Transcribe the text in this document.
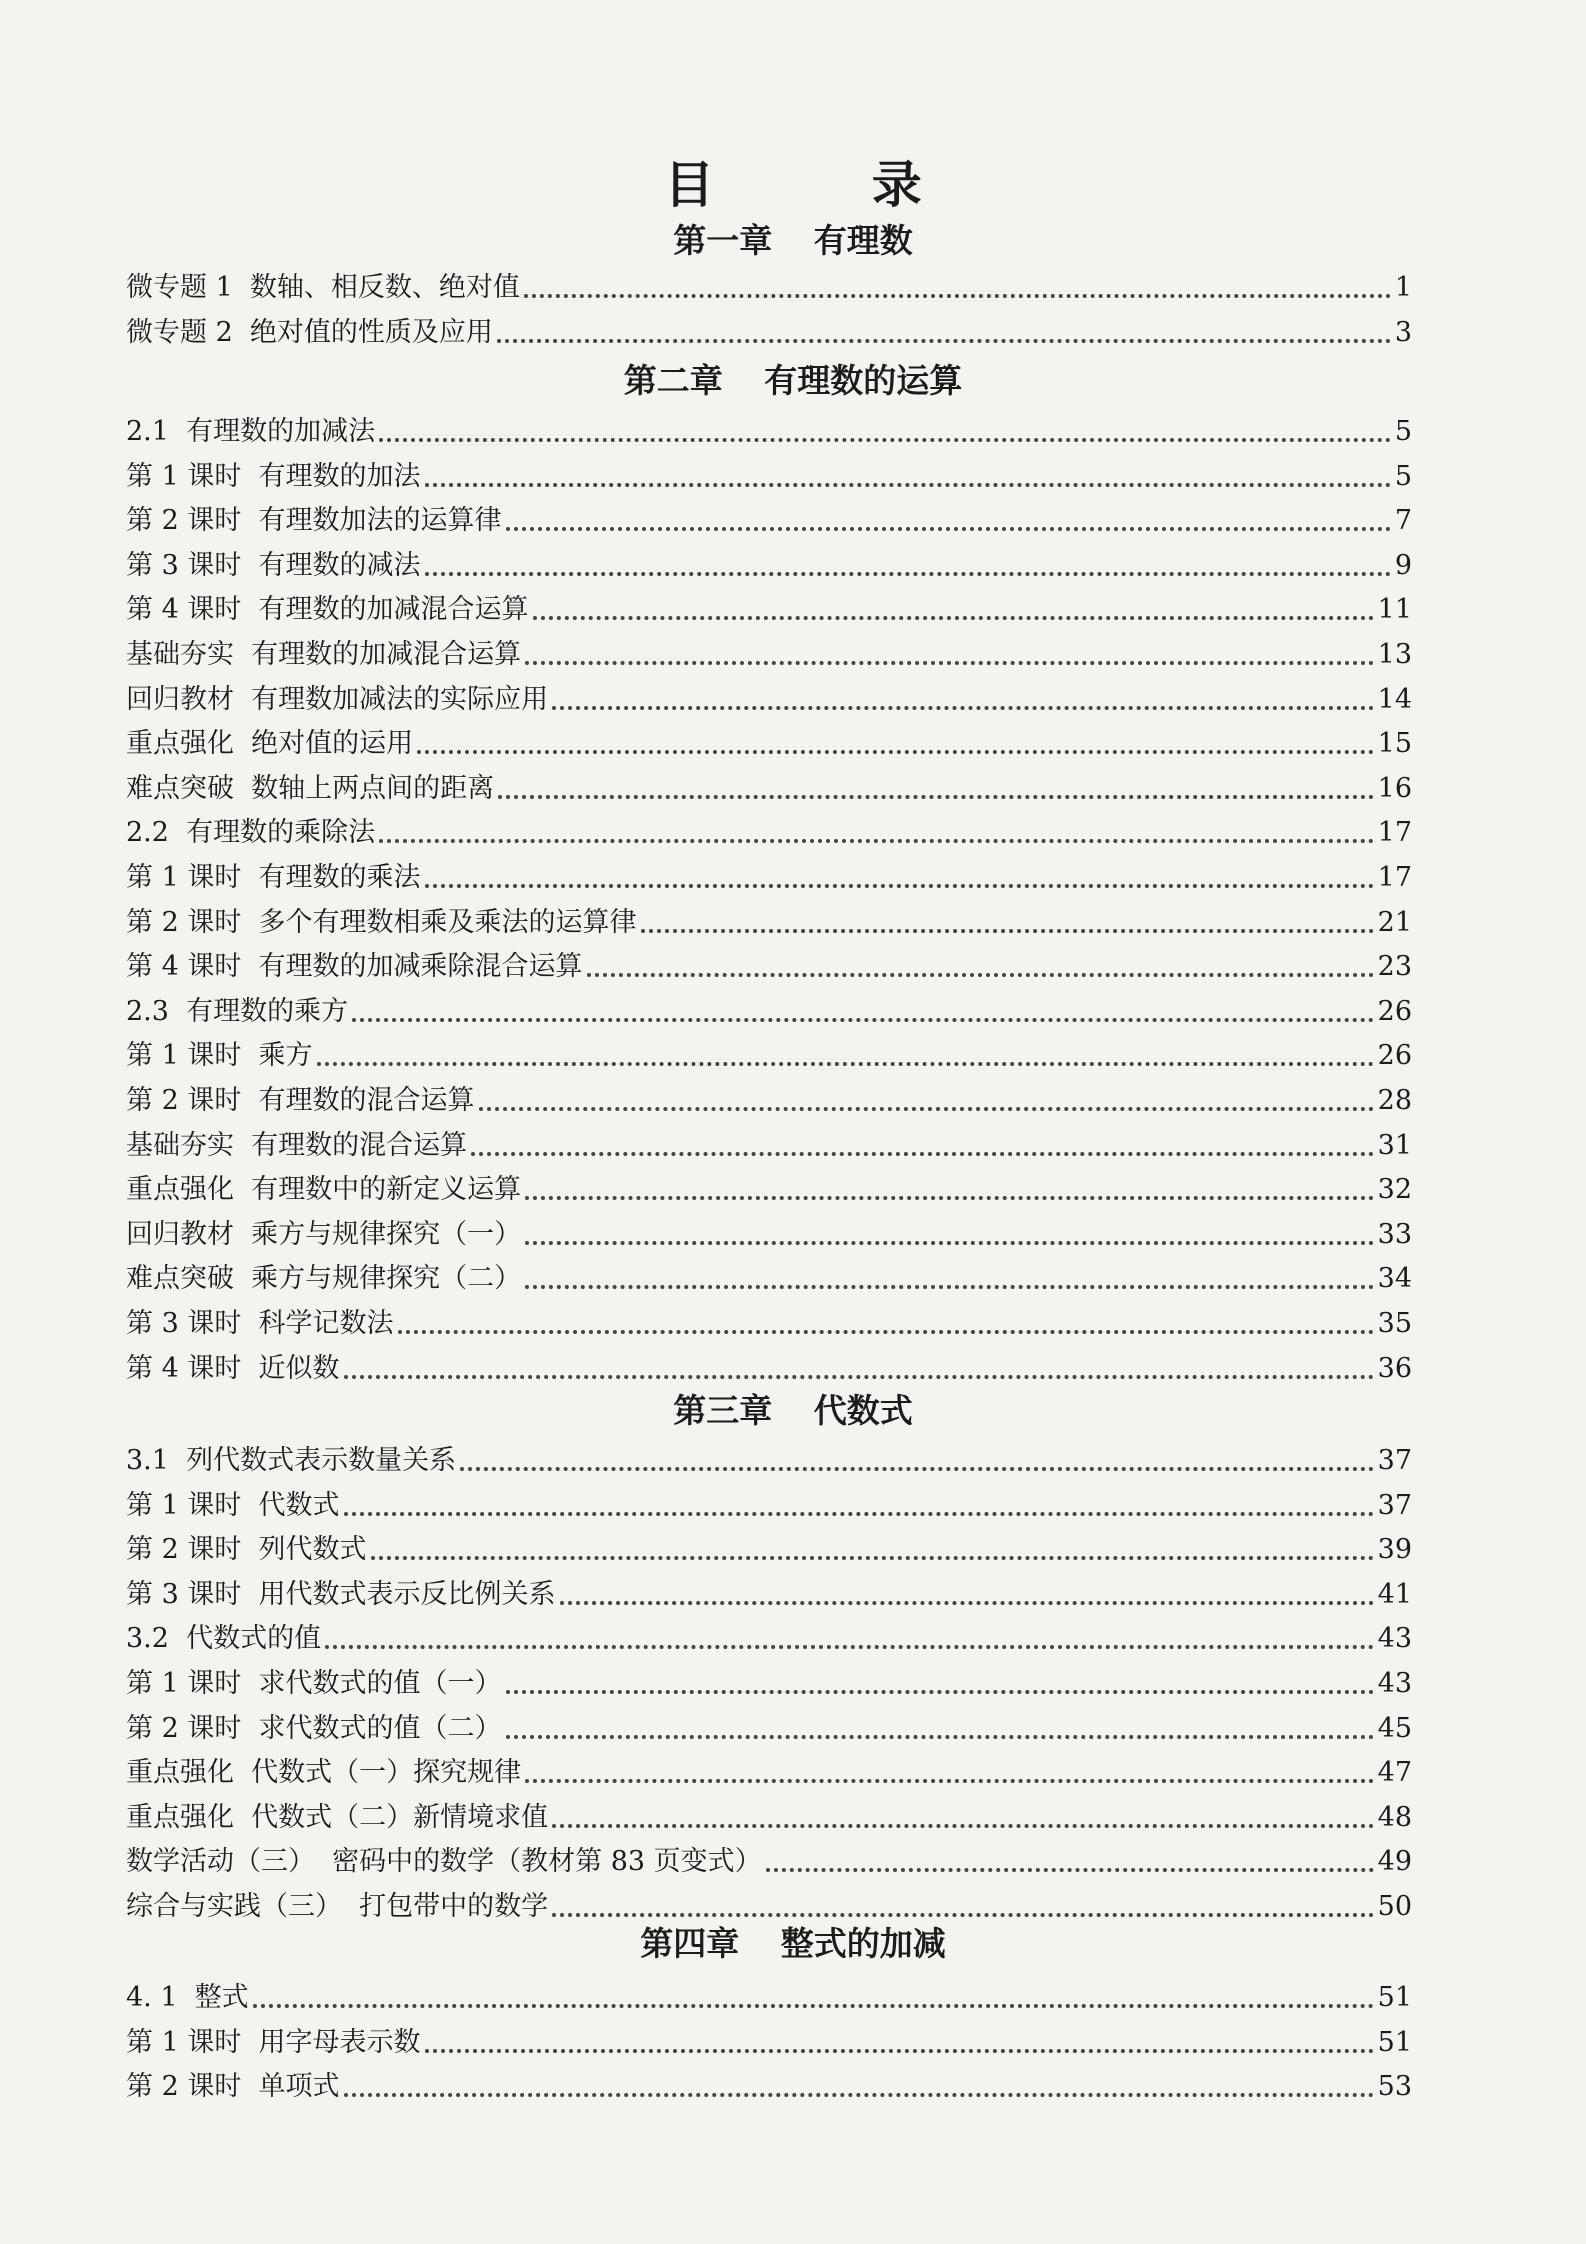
目 录
第一章 有理数
微专题 1  数轴、相反数、绝对值	1
微专题 2  绝对值的性质及应用	3
第二章 有理数的运算
2.1  有理数的加减法	5
第 1 课时  有理数的加法	5
第 2 课时  有理数加法的运算律	7
第 3 课时  有理数的减法	9
第 4 课时  有理数的加减混合运算	11
基础夯实  有理数的加减混合运算	13
回归教材  有理数加减法的实际应用	14
重点强化  绝对值的运用	15
难点突破  数轴上两点间的距离	16
2.2  有理数的乘除法	17
第 1 课时  有理数的乘法	17
第 2 课时  多个有理数相乘及乘法的运算律	21
第 4 课时  有理数的加减乘除混合运算	23
2.3  有理数的乘方	26
第 1 课时  乘方	26
第 2 课时  有理数的混合运算	28
基础夯实  有理数的混合运算	31
重点强化  有理数中的新定义运算	32
回归教材  乘方与规律探究（一）	33
难点突破  乘方与规律探究（二）	34
第 3 课时  科学记数法	35
第 4 课时  近似数	36
第三章 代数式
3.1  列代数式表示数量关系	37
第 1 课时  代数式	37
第 2 课时  列代数式	39
第 3 课时  用代数式表示反比例关系	41
3.2  代数式的值	43
第 1 课时  求代数式的值（一）	43
第 2 课时  求代数式的值（二）	45
重点强化  代数式（一）探究规律	47
重点强化  代数式（二）新情境求值	48
数学活动（三）  密码中的数学（教材第 83 页变式）	49
综合与实践（三）  打包带中的数学	50
第四章 整式的加减
4. 1  整式	51
第 1 课时  用字母表示数	51
第 2 课时  单项式	53
